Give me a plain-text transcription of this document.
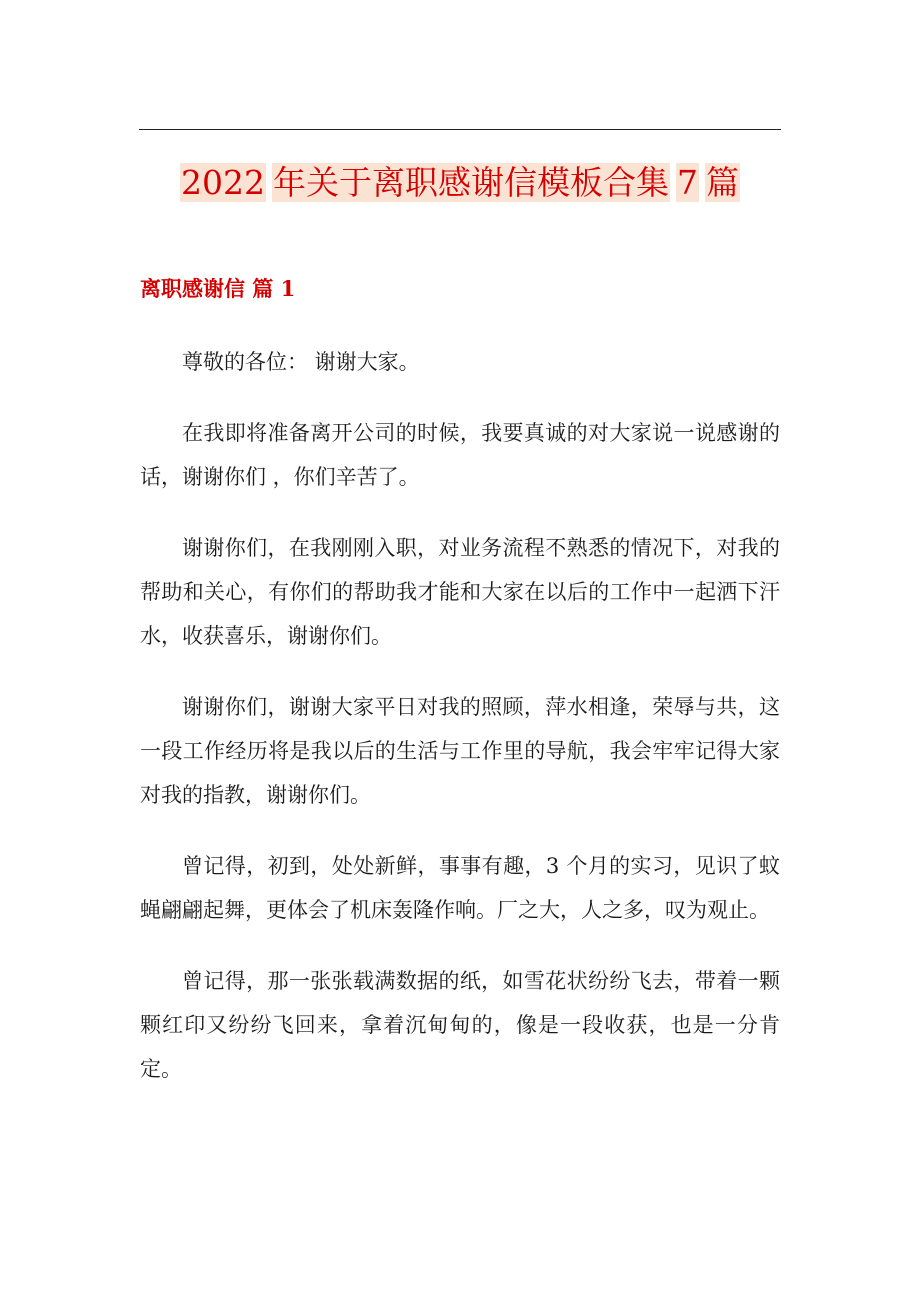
2022 年关于离职感谢信模板合集 7 篇
离职感谢信 篇 1

尊敬的各位： 谢谢大家。

在我即将准备离开公司的时候，我要真诚的对大家说一说感谢的话，谢谢你们 ，你们辛苦了。

谢谢你们，在我刚刚入职，对业务流程不熟悉的情况下，对我的帮助和关心，有你们的帮助我才能和大家在以后的工作中一起洒下汗水，收获喜乐，谢谢你们。

谢谢你们，谢谢大家平日对我的照顾，萍水相逢，荣辱与共，这一段工作经历将是我以后的生活与工作里的导航，我会牢牢记得大家对我的指教，谢谢你们。

曾记得，初到，处处新鲜，事事有趣，3 个月的实习，见识了蚊蝇翩翩起舞，更体会了机床轰隆作响。厂之大，人之多，叹为观止。

曾记得，那一张张载满数据的纸，如雪花状纷纷飞去，带着一颗颗红印又纷纷飞回来，拿着沉甸甸的，像是一段收获，也是一分肯定。
